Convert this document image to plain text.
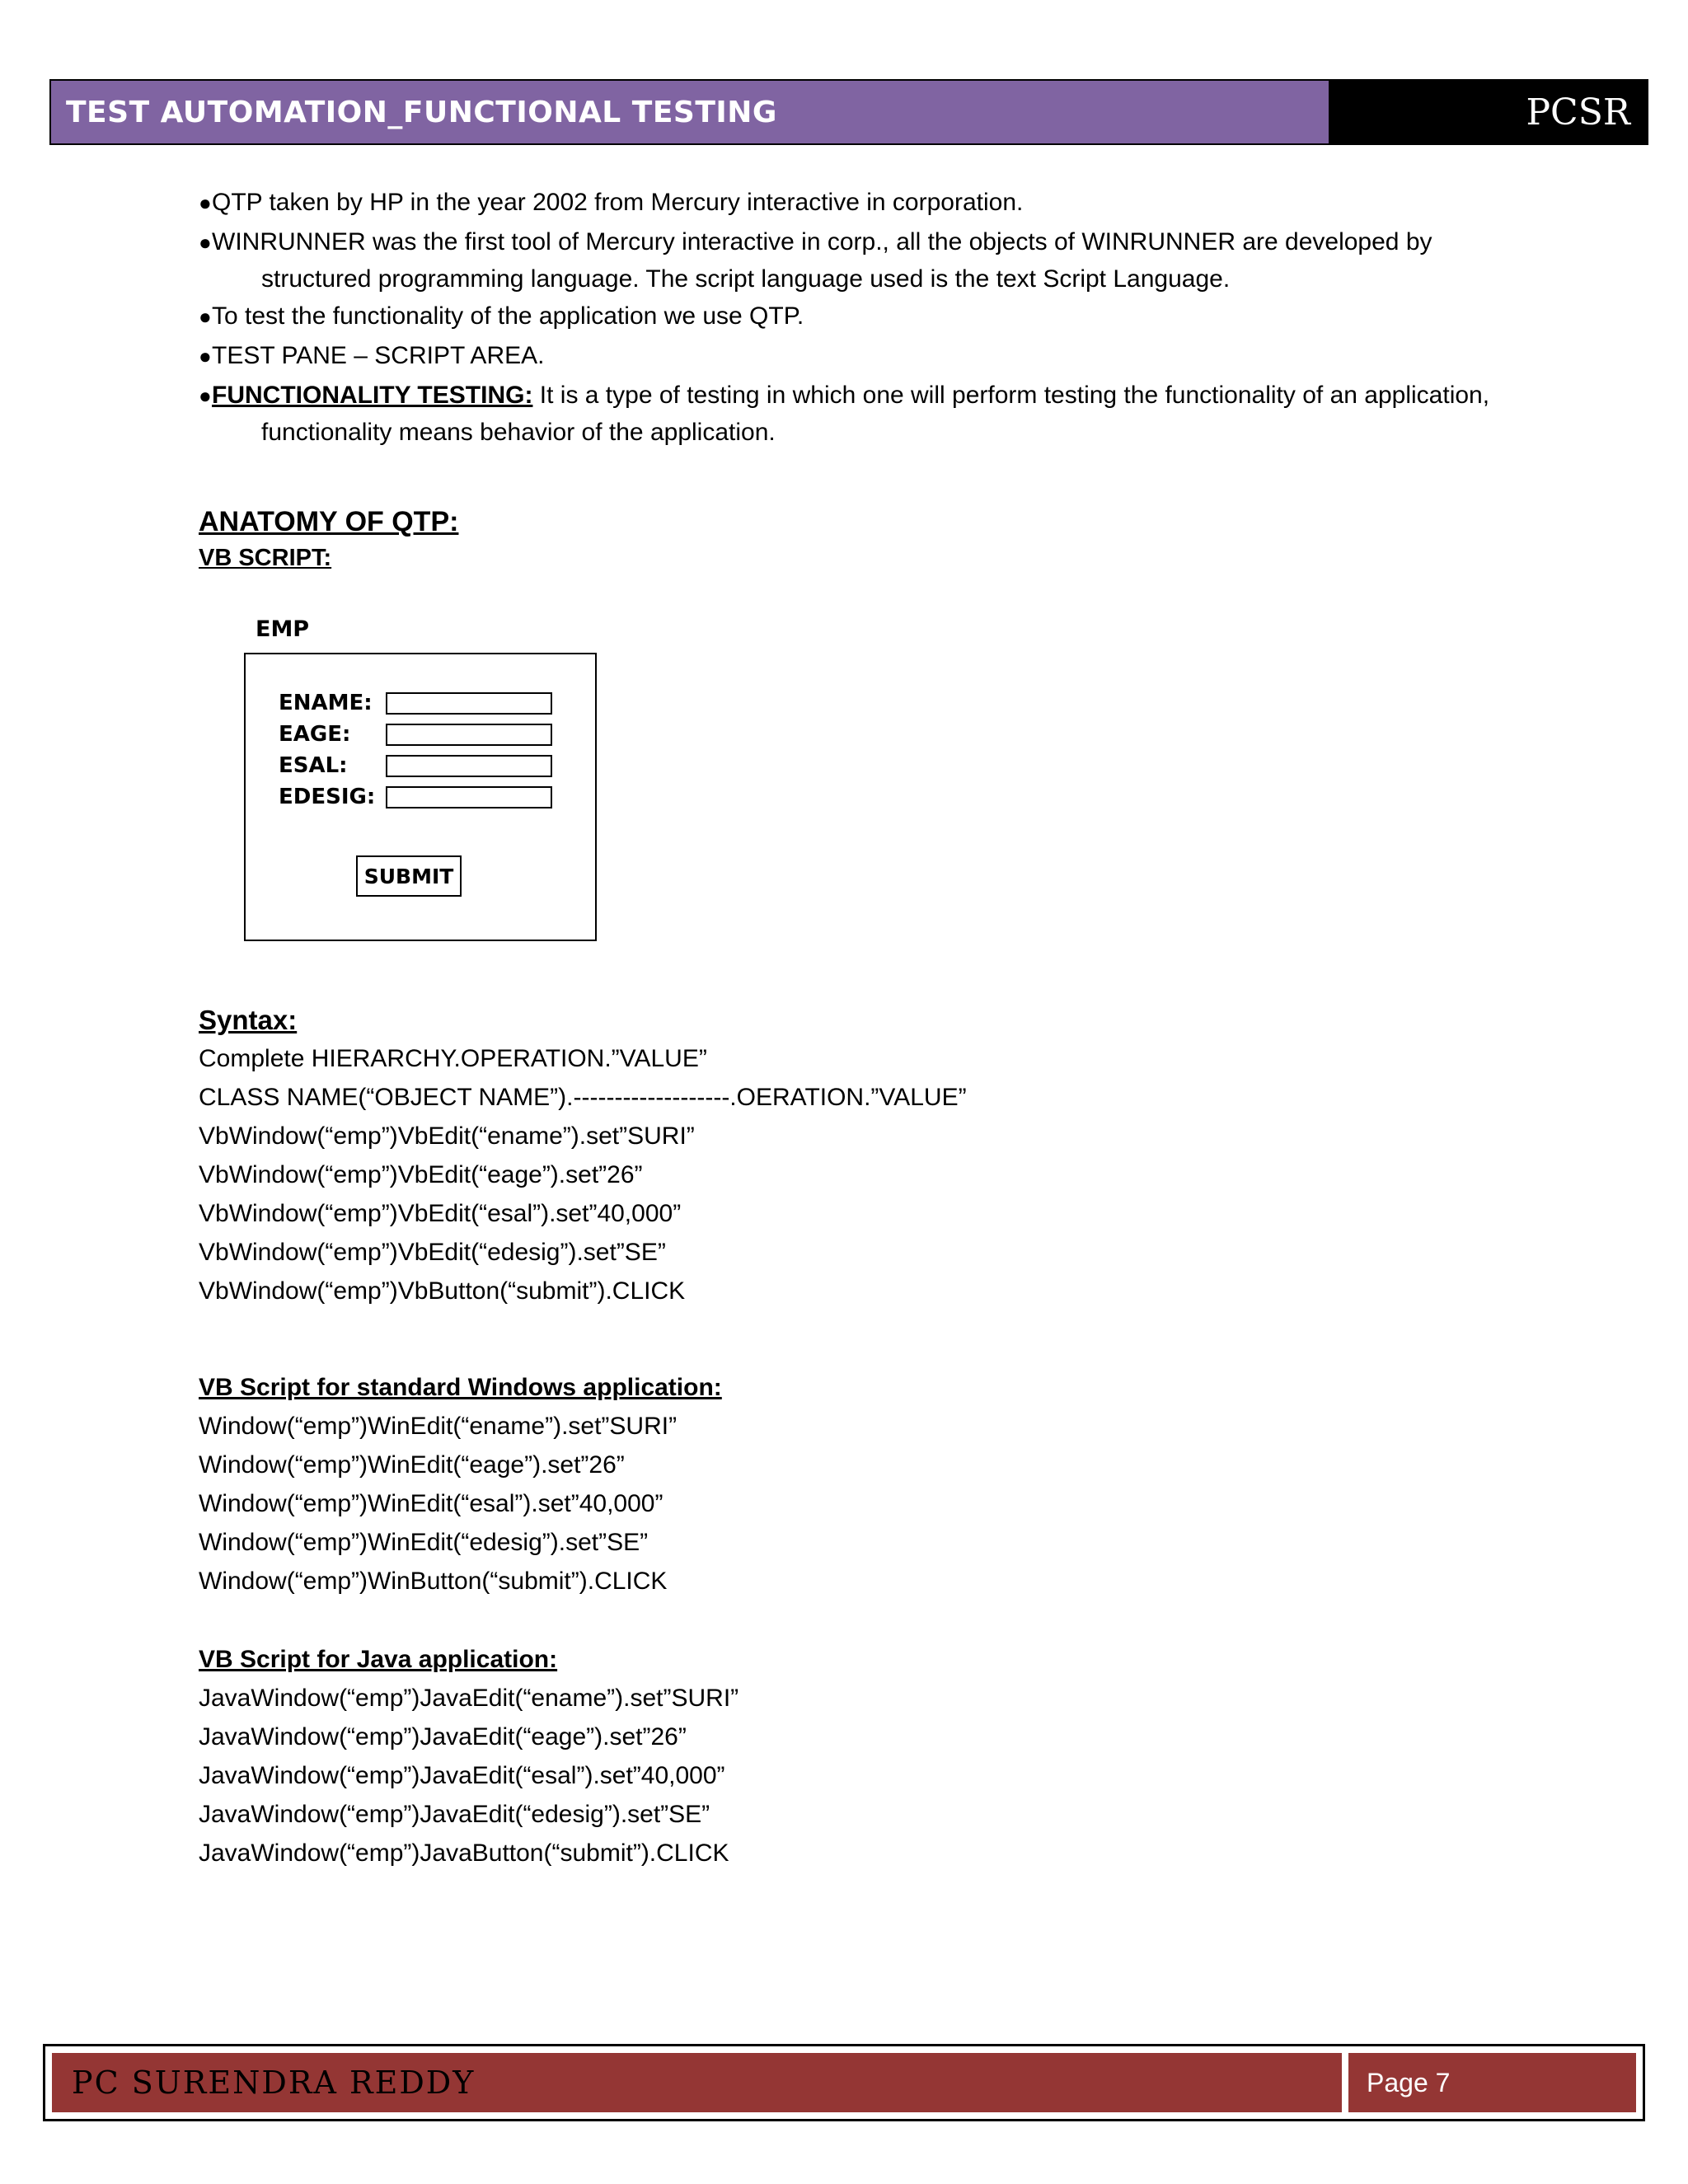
TEST AUTOMATION_FUNCTIONAL TESTING	PCSR
● QTP taken by HP in the year 2002 from Mercury interactive in corporation.
● WINRUNNER was the first tool of Mercury interactive in corp., all the objects of WINRUNNER are developed by
structured programming language. The script language used is the text Script Language.
● To test the functionality of the application we use QTP.
● TEST PANE – SCRIPT AREA.
● FUNCTIONALITY TESTING: It is a type of testing in which one will perform testing the functionality of an application,
functionality means behavior of the application.
ANATOMY OF QTP:
VB SCRIPT:
EMP
ENAME:
EAGE:
ESAL:
EDESIG:
SUBMIT
Syntax:
Complete HIERARCHY.OPERATION.”VALUE”
CLASS NAME(“OBJECT NAME”).-------------------.OERATION.”VALUE”
VbWindow(“emp”)VbEdit(“ename”).set”SURI”
VbWindow(“emp”)VbEdit(“eage”).set”26”
VbWindow(“emp”)VbEdit(“esal”).set”40,000”
VbWindow(“emp”)VbEdit(“edesig”).set”SE”
VbWindow(“emp”)VbButton(“submit”).CLICK
VB Script for standard Windows application:
Window(“emp”)WinEdit(“ename”).set”SURI”
Window(“emp”)WinEdit(“eage”).set”26”
Window(“emp”)WinEdit(“esal”).set”40,000”
Window(“emp”)WinEdit(“edesig”).set”SE”
Window(“emp”)WinButton(“submit”).CLICK
VB Script for Java application:
JavaWindow(“emp”)JavaEdit(“ename”).set”SURI”
JavaWindow(“emp”)JavaEdit(“eage”).set”26”
JavaWindow(“emp”)JavaEdit(“esal”).set”40,000”
JavaWindow(“emp”)JavaEdit(“edesig”).set”SE”
JavaWindow(“emp”)JavaButton(“submit”).CLICK
PC SURENDRA REDDY	Page 7
